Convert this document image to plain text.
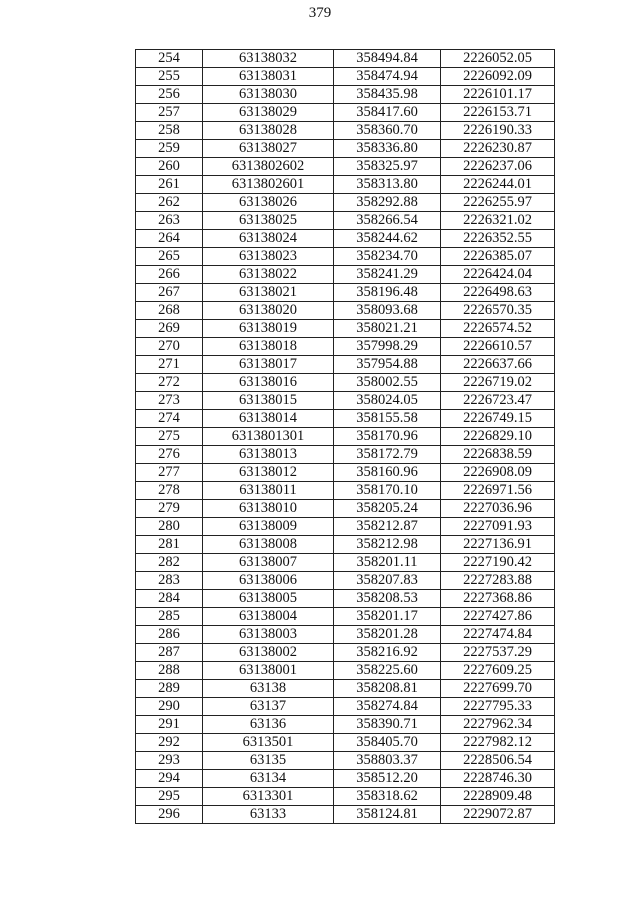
379
254	63138032	358494.84	2226052.05
255	63138031	358474.94	2226092.09
256	63138030	358435.98	2226101.17
257	63138029	358417.60	2226153.71
258	63138028	358360.70	2226190.33
259	63138027	358336.80	2226230.87
260	6313802602	358325.97	2226237.06
261	6313802601	358313.80	2226244.01
262	63138026	358292.88	2226255.97
263	63138025	358266.54	2226321.02
264	63138024	358244.62	2226352.55
265	63138023	358234.70	2226385.07
266	63138022	358241.29	2226424.04
267	63138021	358196.48	2226498.63
268	63138020	358093.68	2226570.35
269	63138019	358021.21	2226574.52
270	63138018	357998.29	2226610.57
271	63138017	357954.88	2226637.66
272	63138016	358002.55	2226719.02
273	63138015	358024.05	2226723.47
274	63138014	358155.58	2226749.15
275	6313801301	358170.96	2226829.10
276	63138013	358172.79	2226838.59
277	63138012	358160.96	2226908.09
278	63138011	358170.10	2226971.56
279	63138010	358205.24	2227036.96
280	63138009	358212.87	2227091.93
281	63138008	358212.98	2227136.91
282	63138007	358201.11	2227190.42
283	63138006	358207.83	2227283.88
284	63138005	358208.53	2227368.86
285	63138004	358201.17	2227427.86
286	63138003	358201.28	2227474.84
287	63138002	358216.92	2227537.29
288	63138001	358225.60	2227609.25
289	63138	358208.81	2227699.70
290	63137	358274.84	2227795.33
291	63136	358390.71	2227962.34
292	6313501	358405.70	2227982.12
293	63135	358803.37	2228506.54
294	63134	358512.20	2228746.30
295	6313301	358318.62	2228909.48
296	63133	358124.81	2229072.87
